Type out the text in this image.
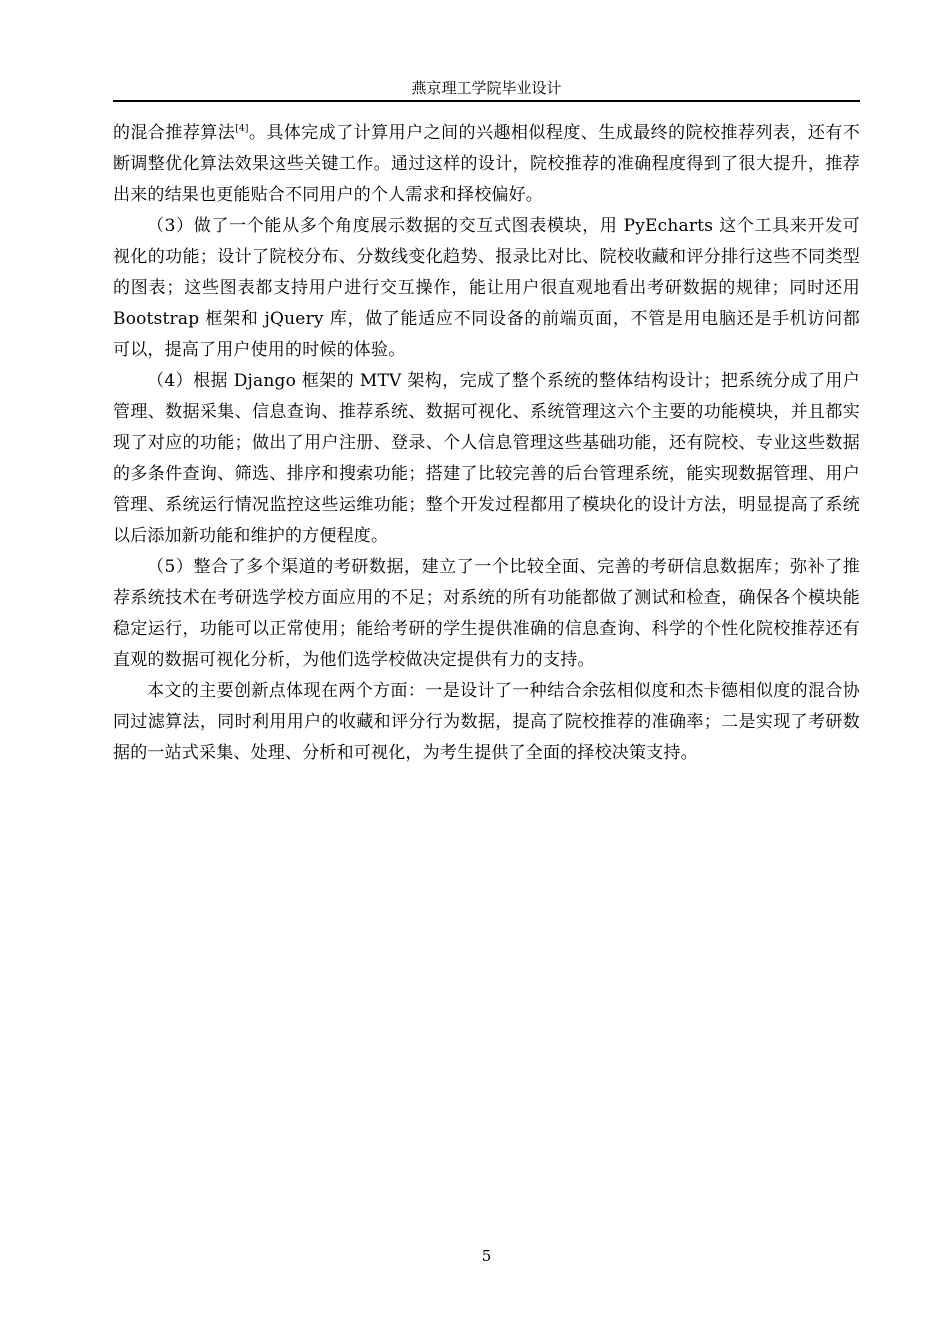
燕京理工学院毕业设计

的混合推荐算法[4]。具体完成了计算用户之间的兴趣相似程度、生成最终的院校推荐列表，还有不断调整优化算法效果这些关键工作。通过这样的设计，院校推荐的准确程度得到了很大提升，推荐出来的结果也更能贴合不同用户的个人需求和择校偏好。

（3）做了一个能从多个角度展示数据的交互式图表模块，用 PyEcharts 这个工具来开发可视化的功能；设计了院校分布、分数线变化趋势、报录比对比、院校收藏和评分排行这些不同类型的图表；这些图表都支持用户进行交互操作，能让用户很直观地看出考研数据的规律；同时还用 Bootstrap 框架和 jQuery 库，做了能适应不同设备的前端页面，不管是用电脑还是手机访问都可以，提高了用户使用的时候的体验。

（4）根据 Django 框架的 MTV 架构，完成了整个系统的整体结构设计；把系统分成了用户管理、数据采集、信息查询、推荐系统、数据可视化、系统管理这六个主要的功能模块，并且都实现了对应的功能；做出了用户注册、登录、个人信息管理这些基础功能，还有院校、专业这些数据的多条件查询、筛选、排序和搜索功能；搭建了比较完善的后台管理系统，能实现数据管理、用户管理、系统运行情况监控这些运维功能；整个开发过程都用了模块化的设计方法，明显提高了系统以后添加新功能和维护的方便程度。

（5）整合了多个渠道的考研数据，建立了一个比较全面、完善的考研信息数据库；弥补了推荐系统技术在考研选学校方面应用的不足；对系统的所有功能都做了测试和检查，确保各个模块能稳定运行，功能可以正常使用；能给考研的学生提供准确的信息查询、科学的个性化院校推荐还有直观的数据可视化分析，为他们选学校做决定提供有力的支持。

本文的主要创新点体现在两个方面：一是设计了一种结合余弦相似度和杰卡德相似度的混合协同过滤算法，同时利用用户的收藏和评分行为数据，提高了院校推荐的准确率；二是实现了考研数据的一站式采集、处理、分析和可视化，为考生提供了全面的择校决策支持。

5
